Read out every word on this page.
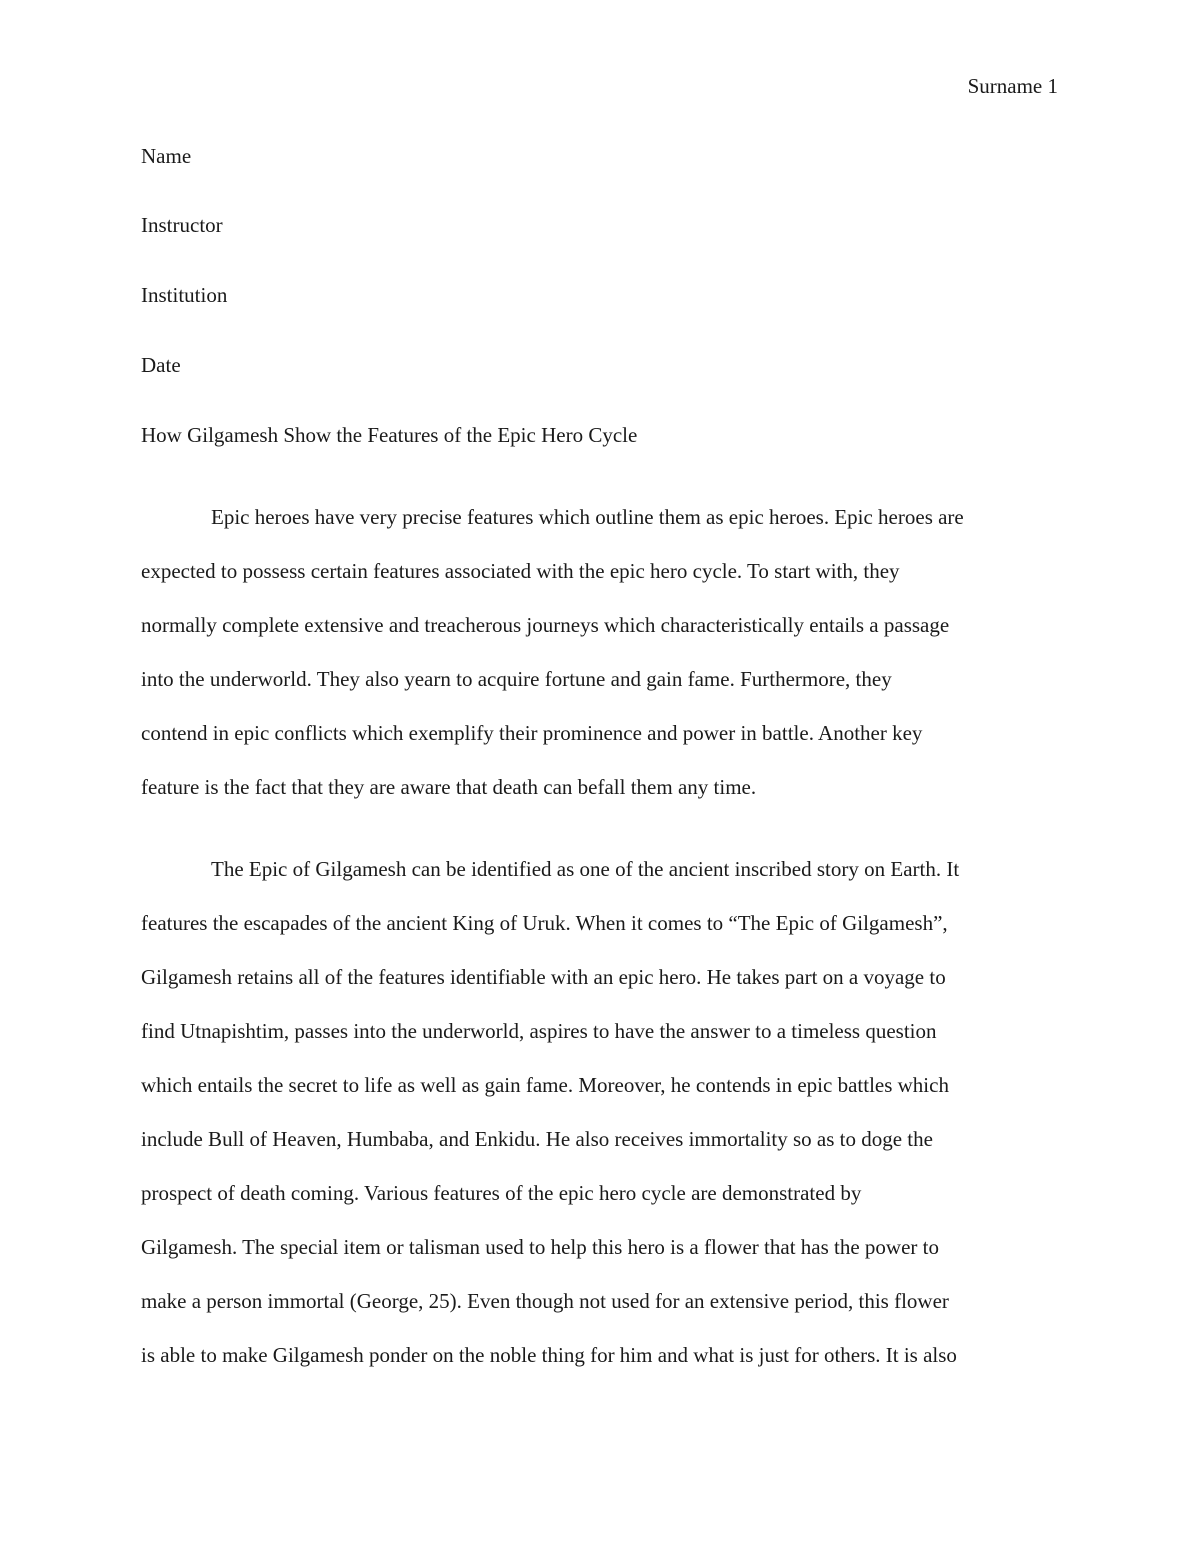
Surname 1
Name
Instructor
Institution
Date
How Gilgamesh Show the Features of the Epic Hero Cycle
Epic heroes have very precise features which outline them as epic heroes. Epic heroes are
expected to possess certain features associated with the epic hero cycle. To start with, they
normally complete extensive and treacherous journeys which characteristically entails a passage
into the underworld. They also yearn to acquire fortune and gain fame. Furthermore, they
contend in epic conflicts which exemplify their prominence and power in battle. Another key
feature is the fact that they are aware that death can befall them any time.
The Epic of Gilgamesh can be identified as one of the ancient inscribed story on Earth. It
features the escapades of the ancient King of Uruk. When it comes to “The Epic of Gilgamesh”,
Gilgamesh retains all of the features identifiable with an epic hero. He takes part on a voyage to
find Utnapishtim, passes into the underworld, aspires to have the answer to a timeless question
which entails the secret to life as well as gain fame. Moreover, he contends in epic battles which
include Bull of Heaven, Humbaba, and Enkidu. He also receives immortality so as to doge the
prospect of death coming. Various features of the epic hero cycle are demonstrated by
Gilgamesh. The special item or talisman used to help this hero is a flower that has the power to
make a person immortal (George, 25). Even though not used for an extensive period, this flower
is able to make Gilgamesh ponder on the noble thing for him and what is just for others. It is also
